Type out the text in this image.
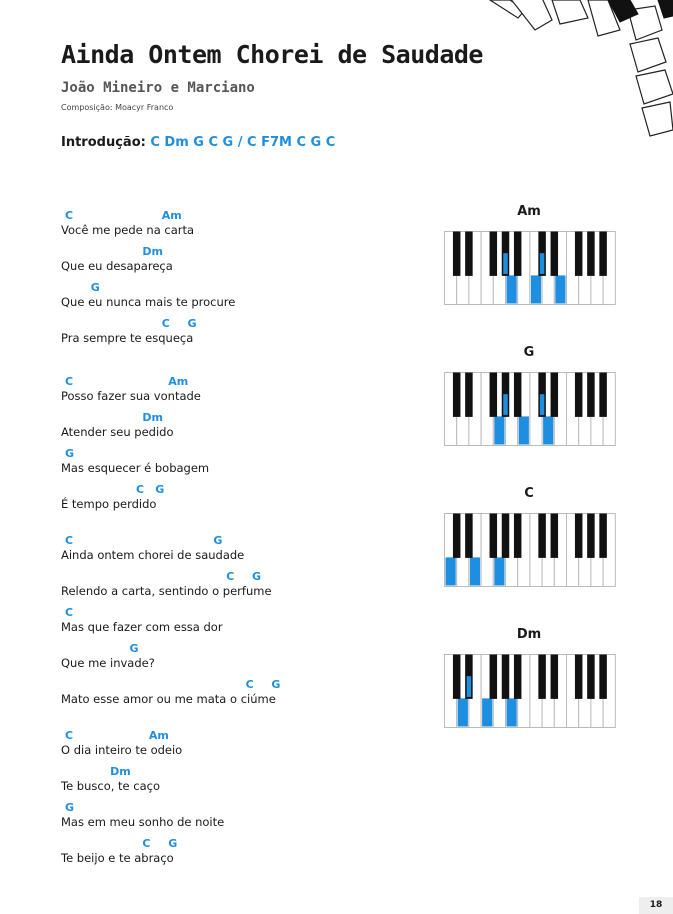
Ainda Ontem Chorei de Saudade
João Mineiro e Marciano

Composição: Moacyr Franco

Introdução: C Dm G C G / C F7M C G C
Você me pede na carta
C	Am
Que eu desapareça
Dm
Que eu nunca mais te procure
G
Pra sempre te esqueça
C G
Posso fazer sua vontade
C	Am
Atender seu pedido
Dm
Mas esquecer é bobagem
G
É tempo perdido
C G
Ainda ontem chorei de saudade
C	G
Relendo a carta, sentindo o perfume
C G
Mas que fazer com essa dor
C
Que me invade?
G
Mato esse amor ou me mata o ciúme
C G
O dia inteiro te odeio
C	Am
Te busco, te caço
Dm
Mas em meu sonho de noite
G
Te beijo e te abraço
C G
Am
G
C
Dm
18
